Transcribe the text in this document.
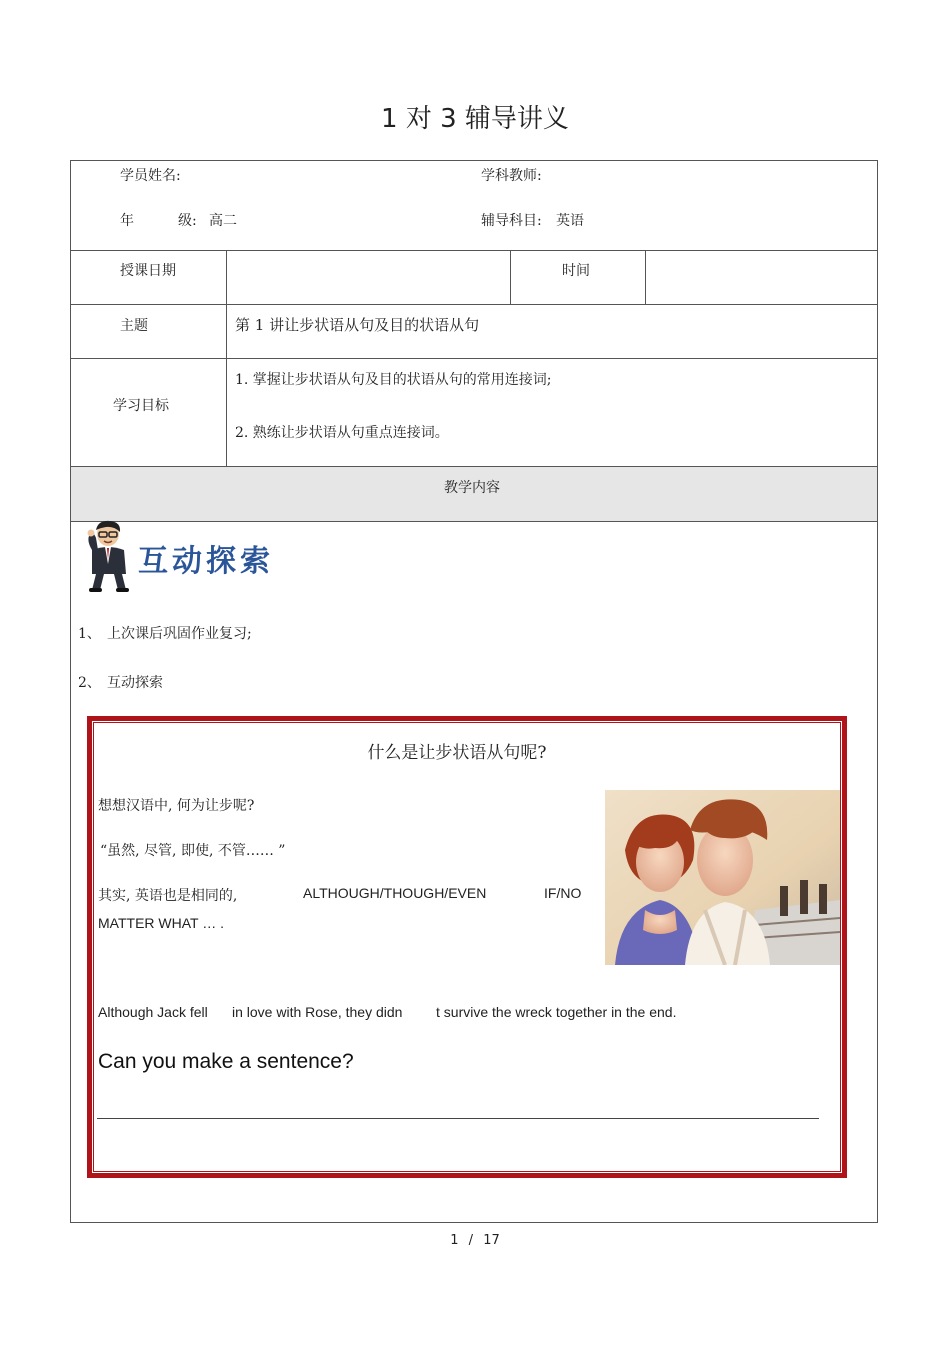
1 对 3 辅导讲义
学员姓名:	学科教师:
年	级: 高二	辅导科目: 英语
授课日期	时间
主题	第 1 讲让步状语从句及目的状语从句
学习目标
1. 掌握让步状语从句及目的状语从句的常用连接词;
2. 熟练让步状语从句重点连接词。
教学内容
互动探索
1、 上次课后巩固作业复习;
2、 互动探索
什么是让步状语从句呢?
想想汉语中, 何为让步呢?
“虽然, 尽管, 即使, 不管…… ”
其实, 英语也是相同的,	ALTHOUGH/THOUGH/EVEN	IF/NO
MATTER WHAT … .
Although Jack fell in love with Rose, they didn t survive the wreck together in the end.
Can you make a sentence?
1 / 17
